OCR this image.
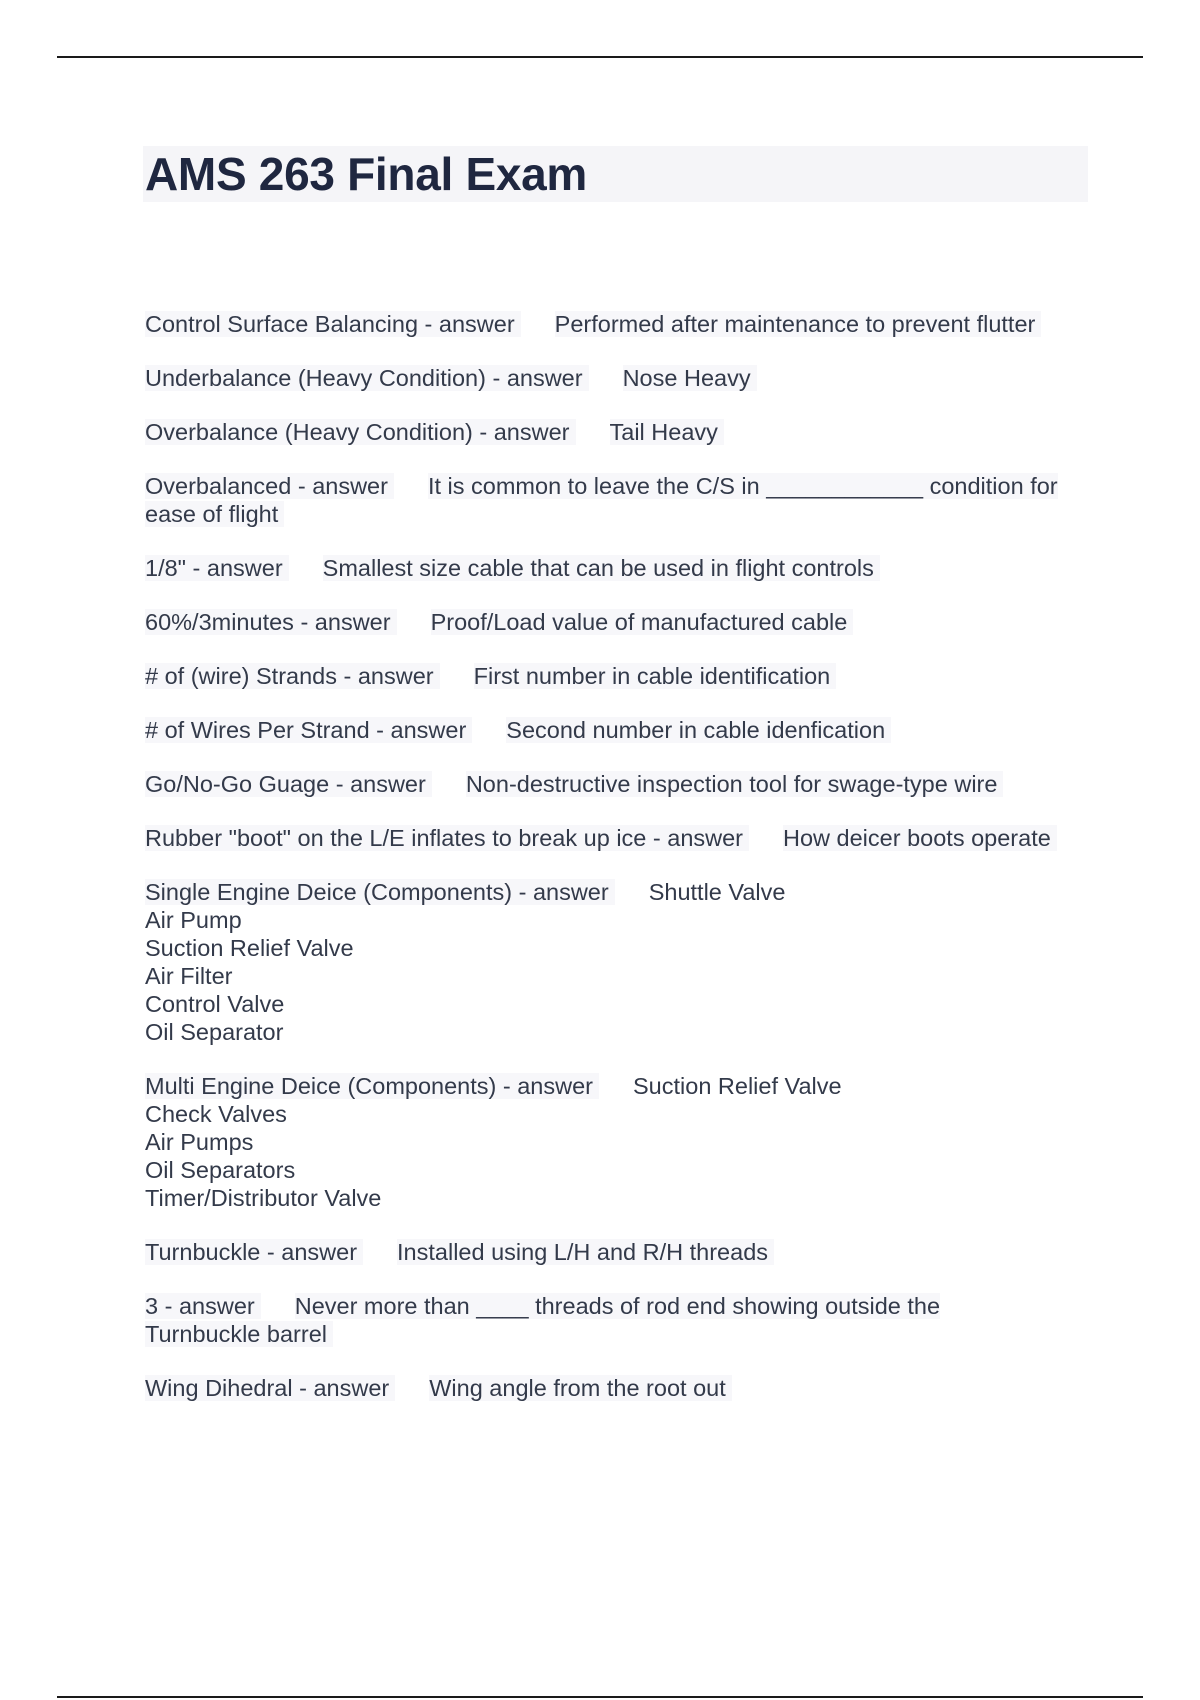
AMS 263 Final Exam
Control Surface Balancing - answer Performed after maintenance to prevent flutter
Underbalance (Heavy Condition) - answer Nose Heavy
Overbalance (Heavy Condition) - answer Tail Heavy
Overbalanced - answer It is common to leave the C/S in ____________ condition for ease of flight
1/8" - answer Smallest size cable that can be used in flight controls
60%/3minutes - answer Proof/Load value of manufactured cable
# of (wire) Strands - answer First number in cable identification
# of Wires Per Strand - answer Second number in cable idenfication
Go/No-Go Guage - answer Non-destructive inspection tool for swage-type wire
Rubber "boot" on the L/E inflates to break up ice - answer How deicer boots operate
Single Engine Deice (Components) - answer Shuttle Valve
Air Pump
Suction Relief Valve
Air Filter
Control Valve
Oil Separator
Multi Engine Deice (Components) - answer Suction Relief Valve
Check Valves
Air Pumps
Oil Separators
Timer/Distributor Valve
Turnbuckle - answer Installed using L/H and R/H threads
3 - answer Never more than ____ threads of rod end showing outside the Turnbuckle barrel
Wing Dihedral - answer Wing angle from the root out
